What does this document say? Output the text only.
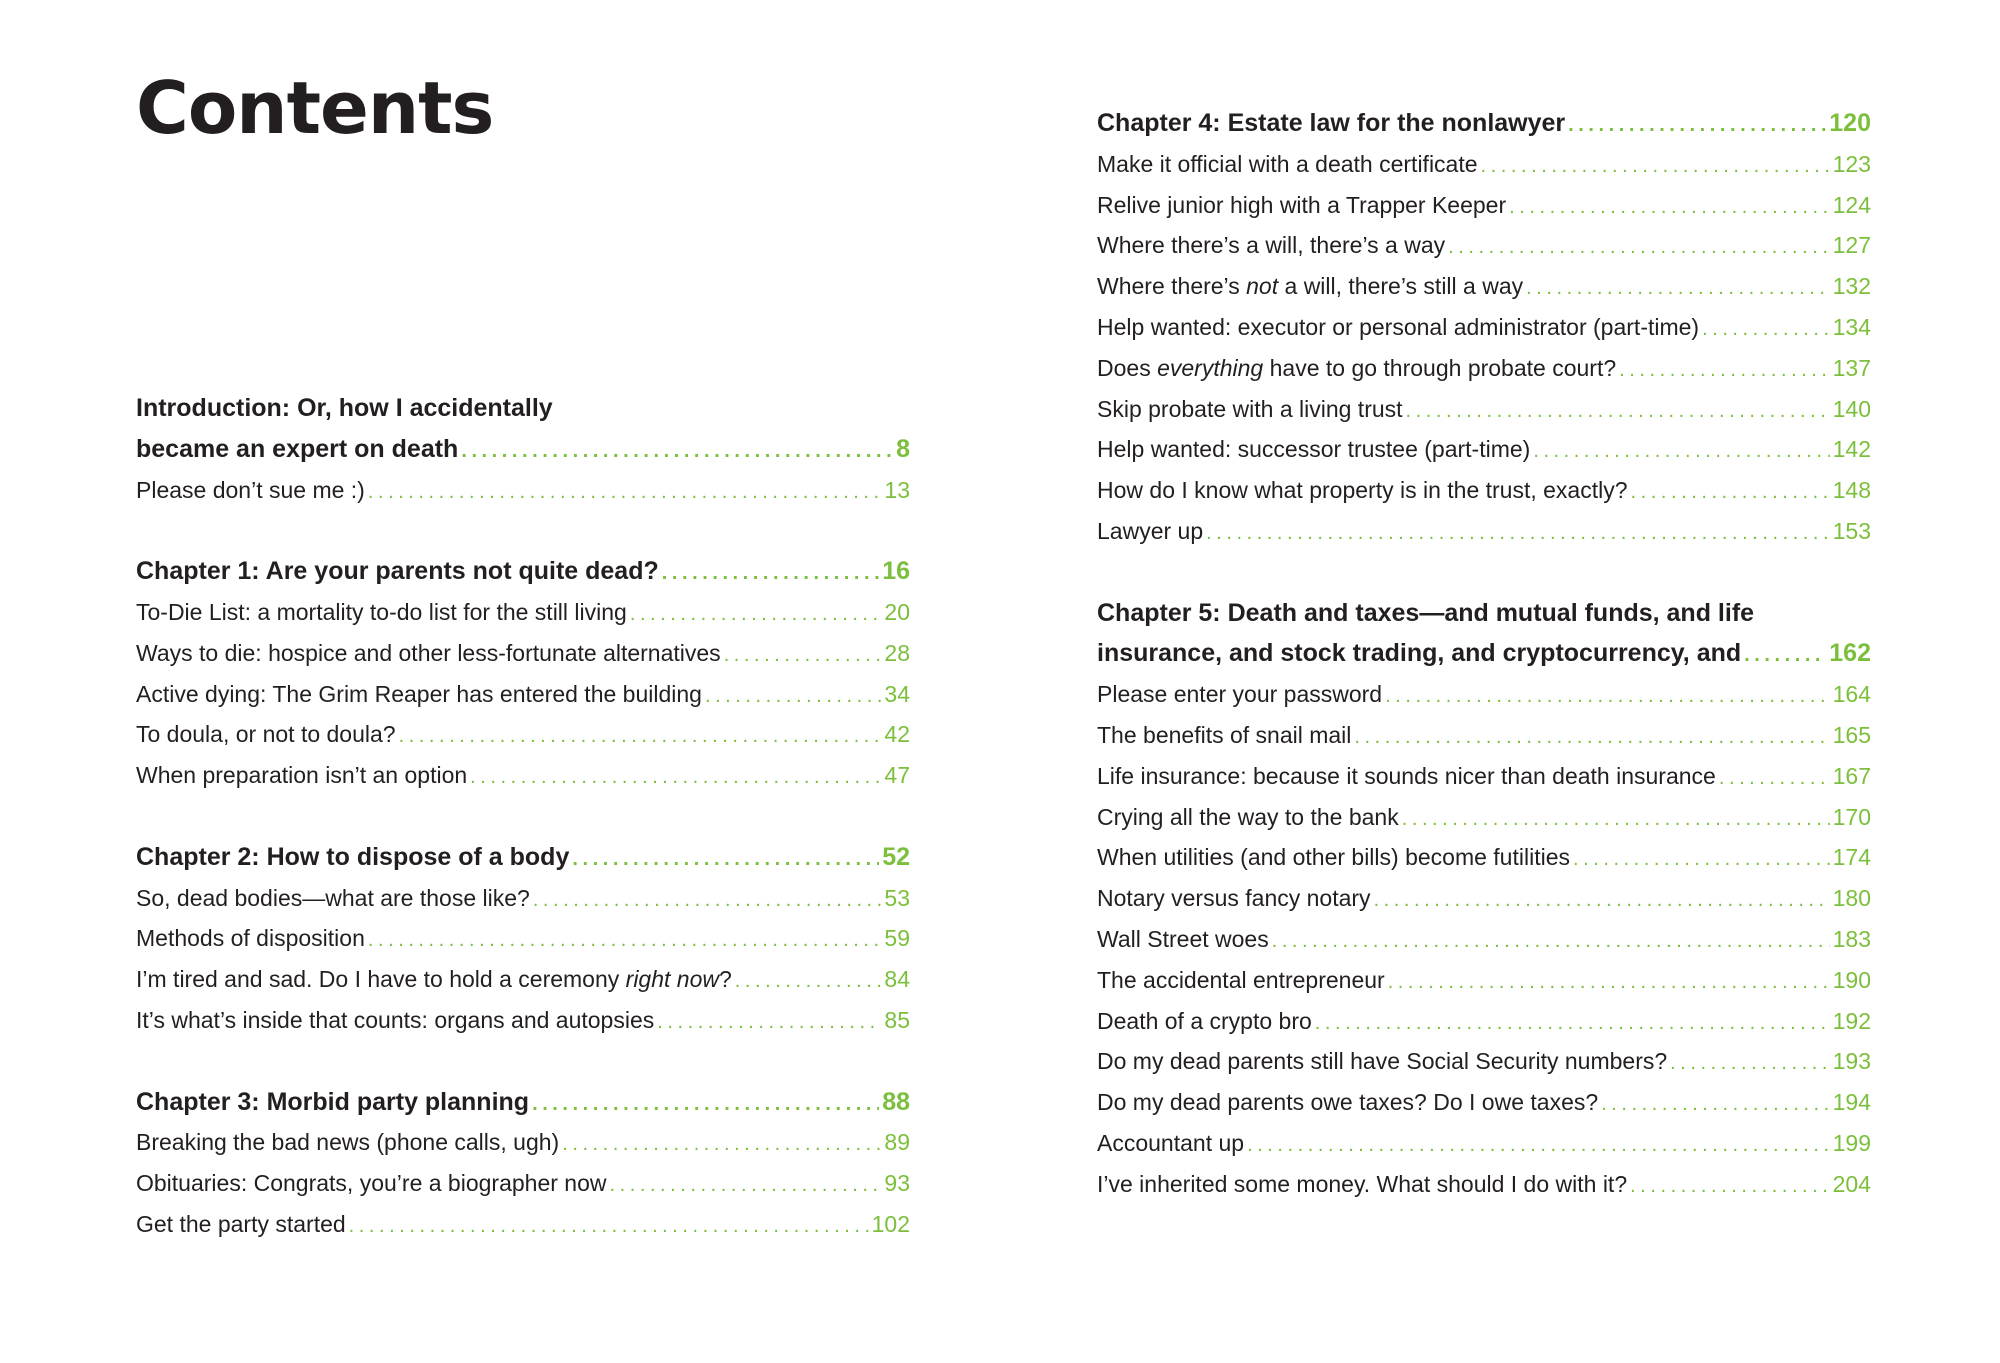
Contents
Introduction: Or, how I accidentally
became an expert on death . . .	8
Please don’t sue me :) . . .	13
Chapter 1: Are your parents not quite dead? . . .	16
To-Die List: a mortality to-do list for the still living . . .	20
Ways to die: hospice and other less-fortunate alternatives . . .	28
Active dying: The Grim Reaper has entered the building . . .	34
To doula, or not to doula? . . .	42
When preparation isn’t an option . . .	47
Chapter 2: How to dispose of a body . . .	52
So, dead bodies—what are those like? . . .	53
Methods of disposition . . .	59
I’m tired and sad. Do I have to hold a ceremony right now? . . .	84
It’s what’s inside that counts: organs and autopsies . . .	85
Chapter 3: Morbid party planning . . .	88
Breaking the bad news (phone calls, ugh) . . .	89
Obituaries: Congrats, you’re a biographer now . . .	93
Get the party started . . .	102
Chapter 4: Estate law for the nonlawyer . . .	120
Make it official with a death certificate . . .	123
Relive junior high with a Trapper Keeper . . .	124
Where there’s a will, there’s a way . . .	127
Where there’s not a will, there’s still a way . . .	132
Help wanted: executor or personal administrator (part-time) . . .	134
Does everything have to go through probate court? . . .	137
Skip probate with a living trust . . .	140
Help wanted: successor trustee (part-time) . . .	142
How do I know what property is in the trust, exactly? . . .	148
Lawyer up . . .	153
Chapter 5: Death and taxes—and mutual funds, and life
insurance, and stock trading, and cryptocurrency, and . . .	162
Please enter your password . . .	164
The benefits of snail mail . . .	165
Life insurance: because it sounds nicer than death insurance . . .	167
Crying all the way to the bank . . .	170
When utilities (and other bills) become futilities . . .	174
Notary versus fancy notary . . .	180
Wall Street woes . . .	183
The accidental entrepreneur . . .	190
Death of a crypto bro . . .	192
Do my dead parents still have Social Security numbers? . . .	193
Do my dead parents owe taxes? Do I owe taxes? . . .	194
Accountant up . . .	199
I’ve inherited some money. What should I do with it? . . .	204
